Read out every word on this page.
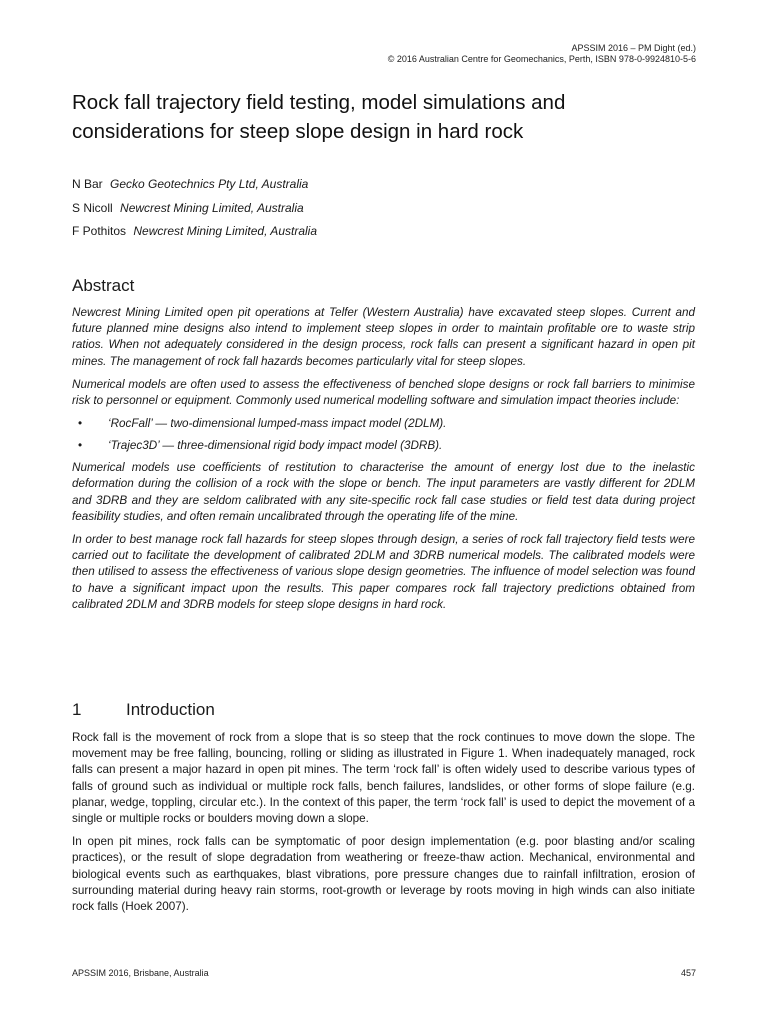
APSSIM 2016 – PM Dight (ed.)
© 2016 Australian Centre for Geomechanics, Perth, ISBN 978-0-9924810-5-6
Rock fall trajectory field testing, model simulations and considerations for steep slope design in hard rock
N Bar Gecko Geotechnics Pty Ltd, Australia
S Nicoll Newcrest Mining Limited, Australia
F Pothitos Newcrest Mining Limited, Australia
Abstract

Newcrest Mining Limited open pit operations at Telfer (Western Australia) have excavated steep slopes. Current and future planned mine designs also intend to implement steep slopes in order to maintain profitable ore to waste strip ratios. When not adequately considered in the design process, rock falls can present a significant hazard in open pit mines. The management of rock fall hazards becomes particularly vital for steep slopes.

Numerical models are often used to assess the effectiveness of benched slope designs or rock fall barriers to minimise risk to personnel or equipment. Commonly used numerical modelling software and simulation impact theories include:

• ‘RocFall’ — two-dimensional lumped-mass impact model (2DLM).
• ‘Trajec3D’ — three-dimensional rigid body impact model (3DRB).

Numerical models use coefficients of restitution to characterise the amount of energy lost due to the inelastic deformation during the collision of a rock with the slope or bench. The input parameters are vastly different for 2DLM and 3DRB and they are seldom calibrated with any site-specific rock fall case studies or field test data during project feasibility studies, and often remain uncalibrated through the operating life of the mine.

In order to best manage rock fall hazards for steep slopes through design, a series of rock fall trajectory field tests were carried out to facilitate the development of calibrated 2DLM and 3DRB numerical models. The calibrated models were then utilised to assess the effectiveness of various slope design geometries. The influence of model selection was found to have a significant impact upon the results. This paper compares rock fall trajectory predictions obtained from calibrated 2DLM and 3DRB models for steep slope designs in hard rock.

1	Introduction

Rock fall is the movement of rock from a slope that is so steep that the rock continues to move down the slope. The movement may be free falling, bouncing, rolling or sliding as illustrated in Figure 1. When inadequately managed, rock falls can present a major hazard in open pit mines. The term ‘rock fall’ is often widely used to describe various types of falls of ground such as individual or multiple rock falls, bench failures, landslides, or other forms of slope failure (e.g. planar, wedge, toppling, circular etc.). In the context of this paper, the term ‘rock fall’ is used to depict the movement of a single or multiple rocks or boulders moving down a slope.

In open pit mines, rock falls can be symptomatic of poor design implementation (e.g. poor blasting and/or scaling practices), or the result of slope degradation from weathering or freeze-thaw action. Mechanical, environmental and biological events such as earthquakes, blast vibrations, pore pressure changes due to rainfall infiltration, erosion of surrounding material during heavy rain storms, root-growth or leverage by roots moving in high winds can also initiate rock falls (Hoek 2007).

APSSIM 2016, Brisbane, Australia	457
